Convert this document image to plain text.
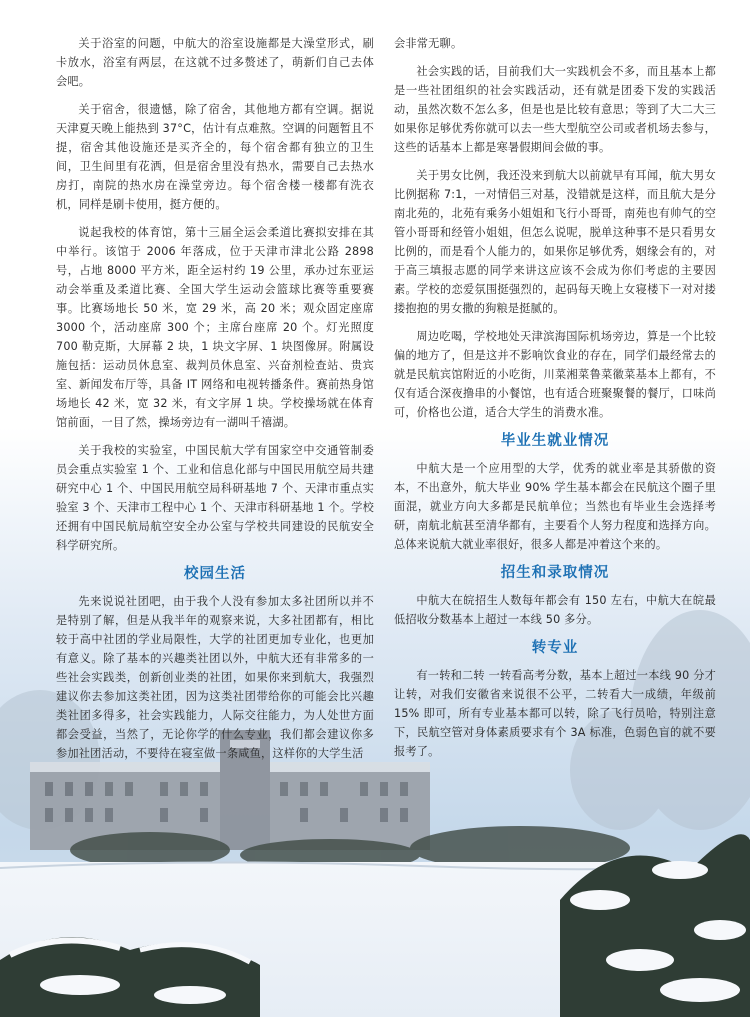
关于浴室的问题，中航大的浴室设施都是大澡堂形式，刷卡放水，浴室有两层，在这就不过多赘述了，萌新们自己去体会吧。

关于宿舍，很遗憾，除了宿舍，其他地方都有空调。据说天津夏天晚上能热到 37°C，估计有点难熬。空调的问题暂且不提，宿舍其他设施还是买齐全的，每个宿舍都有独立的卫生间，卫生间里有花洒，但是宿舍里没有热水，需要自己去热水房打，南院的热水房在澡堂旁边。每个宿舍楼一楼都有洗衣机，同样是刷卡使用，挺方便的。

说起我校的体育馆，第十三届全运会柔道比赛拟安排在其中举行。该馆于 2006 年落成，位于天津市津北公路 2898 号，占地 8000 平方米，距全运村约 19 公里，承办过东亚运动会举重及柔道比赛、全国大学生运动会篮球比赛等重要赛事。比赛场地长 50 米，宽 29 米，高 20 米；观众固定座席 3000 个，活动座席 300 个；主席台座席 20 个。灯光照度 700 勒克斯，大屏幕 2 块，1 块文字屏、1 块图像屏。附属设施包括：运动员休息室、裁判员休息室、兴奋剂检查站、贵宾室、新闻发布厅等，具备 IT 网络和电视转播条件。赛前热身馆场地长 42 米，宽 32 米，有文字屏 1 块。学校操场就在体育馆前面，一目了然，操场旁边有一湖叫千禧湖。

关于我校的实验室，中国民航大学有国家空中交通管制委员会重点实验室 1 个、工业和信息化部与中国民用航空局共建研究中心 1 个、中国民用航空局科研基地 7 个、天津市重点实验室 3 个、天津市工程中心 1 个、天津市科研基地 1 个。学校还拥有中国民航局航空安全办公室与学校共同建设的民航安全科学研究所。

校园生活

先来说说社团吧，由于我个人没有参加太多社团所以并不是特别了解，但是从我半年的观察来说，大多社团都有，相比较于高中社团的学业局限性，大学的社团更加专业化，也更加有意义。除了基本的兴趣类社团以外，中航大还有非常多的一些社会实践类，创新创业类的社团，如果你来到航大，我强烈建议你去参加这类社团，因为这类社团带给你的可能会比兴趣类社团多得多，社会实践能力，人际交往能力，为人处世方面都会受益，当然了，无论你学的什么专业，我们都会建议你多参加社团活动，不要待在寝室做一条咸鱼，这样你的大学生活

会非常无聊。

社会实践的话，目前我们大一实践机会不多，而且基本上都是一些社团组织的社会实践活动，还有就是团委下发的实践活动，虽然次数不怎么多，但是也是比较有意思；等到了大二大三如果你足够优秀你就可以去一些大型航空公司或者机场去参与，这些的话基本上都是寒暑假期间会做的事。

关于男女比例，我还没来到航大以前就早有耳闻，航大男女比例据称 7:1，一对情侣三对基，没错就是这样，而且航大是分南北苑的，北苑有乘务小姐姐和飞行小哥哥，南苑也有帅气的空管小哥哥和经管小姐姐，但怎么说呢，脱单这种事不是只看男女比例的，而是看个人能力的，如果你足够优秀，姻缘会有的，对于高三填报志愿的同学来讲这应该不会成为你们考虑的主要因素。学校的恋爱氛围挺强烈的，起码每天晚上女寝楼下一对对搂搂抱抱的男女撒的狗粮是挺腻的。

周边吃喝，学校地处天津滨海国际机场旁边，算是一个比较偏的地方了，但是这并不影响饮食业的存在，同学们最经常去的就是民航宾馆附近的小吃街，川菜湘菜鲁菜徽菜基本上都有，不仅有适合深夜撸串的小餐馆，也有适合班聚聚餐的餐厅，口味尚可，价格也公道，适合大学生的消费水准。

毕业生就业情况

中航大是一个应用型的大学，优秀的就业率是其骄傲的资本，不出意外，航大毕业 90% 学生基本都会在民航这个圈子里面混，就业方向大多都是民航单位；当然也有毕业生会选择考研，南航北航甚至清华都有，主要看个人努力程度和选择方向。总体来说航大就业率很好，很多人都是冲着这个来的。

招生和录取情况

中航大在皖招生人数每年都会有 150 左右，中航大在皖最低招收分数基本上超过一本线 50 多分。

转专业

有一转和二转 一转看高考分数，基本上超过一本线 90 分才让转，对我们安徽省来说很不公平，二转看大一成绩，年级前 15% 即可，所有专业基本都可以转，除了飞行员哈，特别注意下，民航空管对身体素质要求有个 3A 标准，色弱色盲的就不要报考了。
